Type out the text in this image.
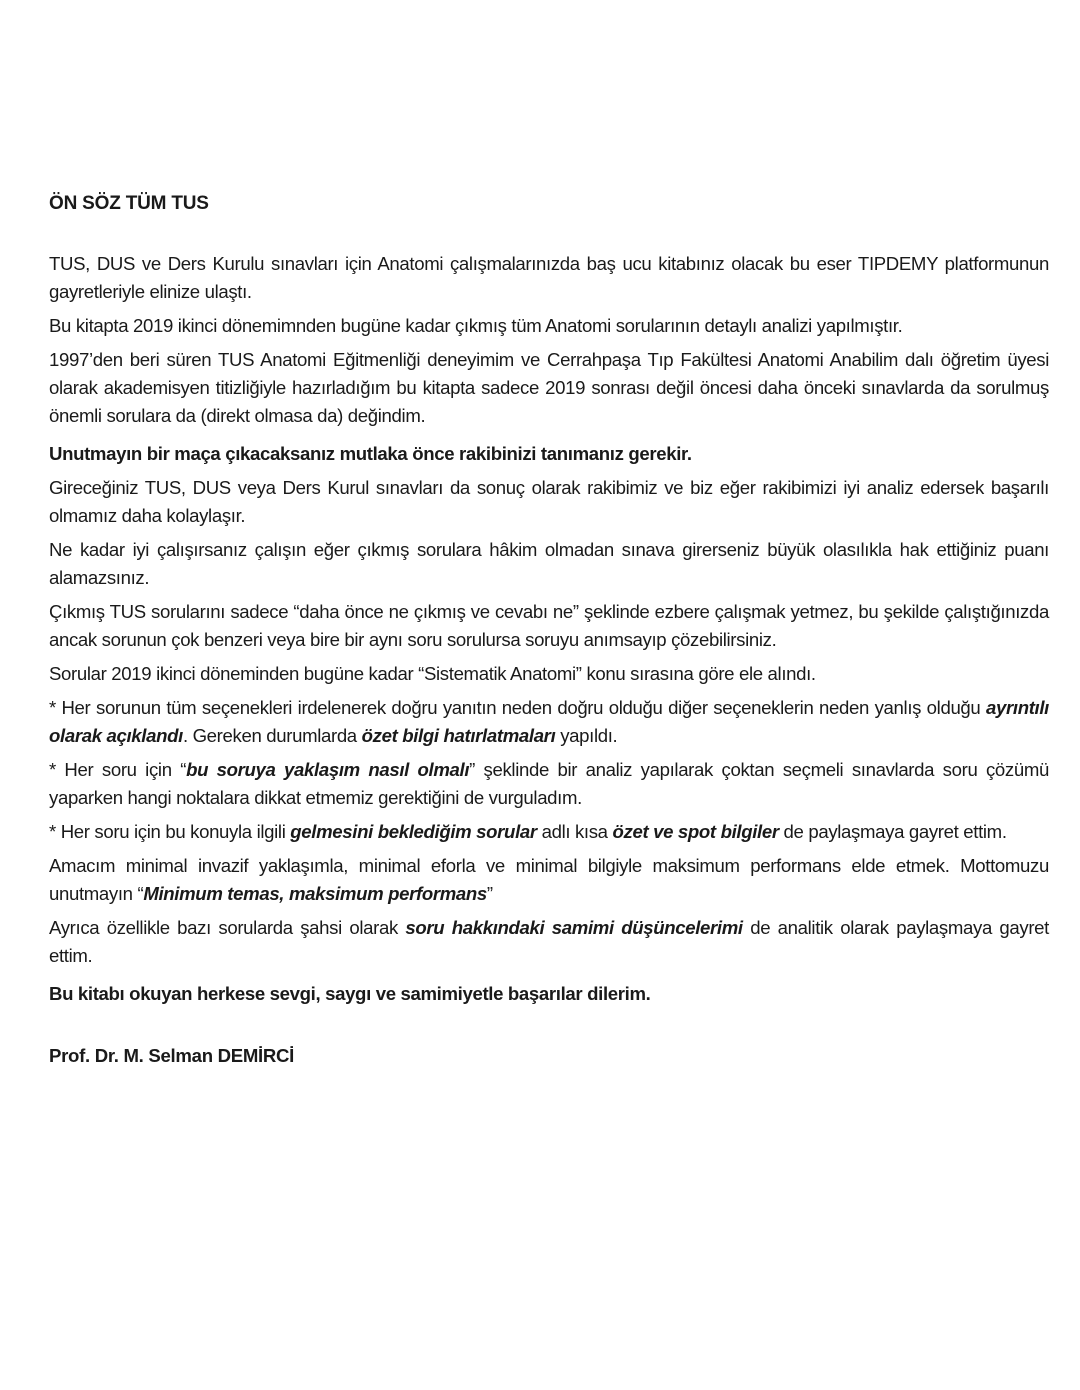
ÖN SÖZ TÜM TUS

TUS, DUS ve Ders Kurulu sınavları için Anatomi çalışmalarınızda baş ucu kitabınız olacak bu eser TIPDEMY platformunun gayretleriyle elinize ulaştı.

Bu kitapta 2019 ikinci dönemimnden bugüne kadar çıkmış tüm Anatomi sorularının detaylı analizi yapılmıştır.

1997’den beri süren TUS Anatomi Eğitmenliği deneyimim ve Cerrahpaşa Tıp Fakültesi Anatomi Anabilim dalı öğretim üyesi olarak akademisyen titizliğiyle hazırladığım bu kitapta sadece 2019 sonrası değil öncesi daha önceki sınavlarda da sorulmuş önemli sorulara da (direkt olmasa da) değindim.

Unutmayın bir maça çıkacaksanız mutlaka önce rakibinizi tanımanız gerekir.

Gireceğiniz TUS, DUS veya Ders Kurul sınavları da sonuç olarak rakibimiz ve biz eğer rakibimizi iyi analiz edersek başarılı olmamız daha kolaylaşır.

Ne kadar iyi çalışırsanız çalışın eğer çıkmış sorulara hâkim olmadan sınava girerseniz büyük olasılıkla hak ettiğiniz puanı alamazsınız.

Çıkmış TUS sorularını sadece “daha önce ne çıkmış ve cevabı ne” şeklinde ezbere çalışmak yetmez, bu şekilde çalıştığınızda ancak sorunun çok benzeri veya bire bir aynı soru sorulursa soruyu anımsayıp çözebilirsiniz.

Sorular 2019 ikinci döneminden bugüne kadar “Sistematik Anatomi” konu sırasına göre ele alındı.

* Her sorunun tüm seçenekleri irdelenerek doğru yanıtın neden doğru olduğu diğer seçeneklerin neden yanlış olduğu ayrıntılı olarak açıklandı. Gereken durumlarda özet bilgi hatırlatmaları yapıldı.

* Her soru için “bu soruya yaklaşım nasıl olmalı” şeklinde bir analiz yapılarak çoktan seçmeli sınavlarda soru çözümü yaparken hangi noktalara dikkat etmemiz gerektiğini de vurguladım.

* Her soru için bu konuyla ilgili gelmesini beklediğim sorular adlı kısa özet ve spot bilgiler de paylaşmaya gayret ettim.

Amacım minimal invazif yaklaşımla, minimal eforla ve minimal bilgiyle maksimum performans elde etmek. Mottomuzu unutmayın “Minimum temas, maksimum performans”

Ayrıca özellikle bazı sorularda şahsi olarak soru hakkındaki samimi düşüncelerimi de analitik olarak paylaşmaya gayret ettim.

Bu kitabı okuyan herkese sevgi, saygı ve samimiyetle başarılar dilerim.

Prof. Dr. M. Selman DEMİRCİ
